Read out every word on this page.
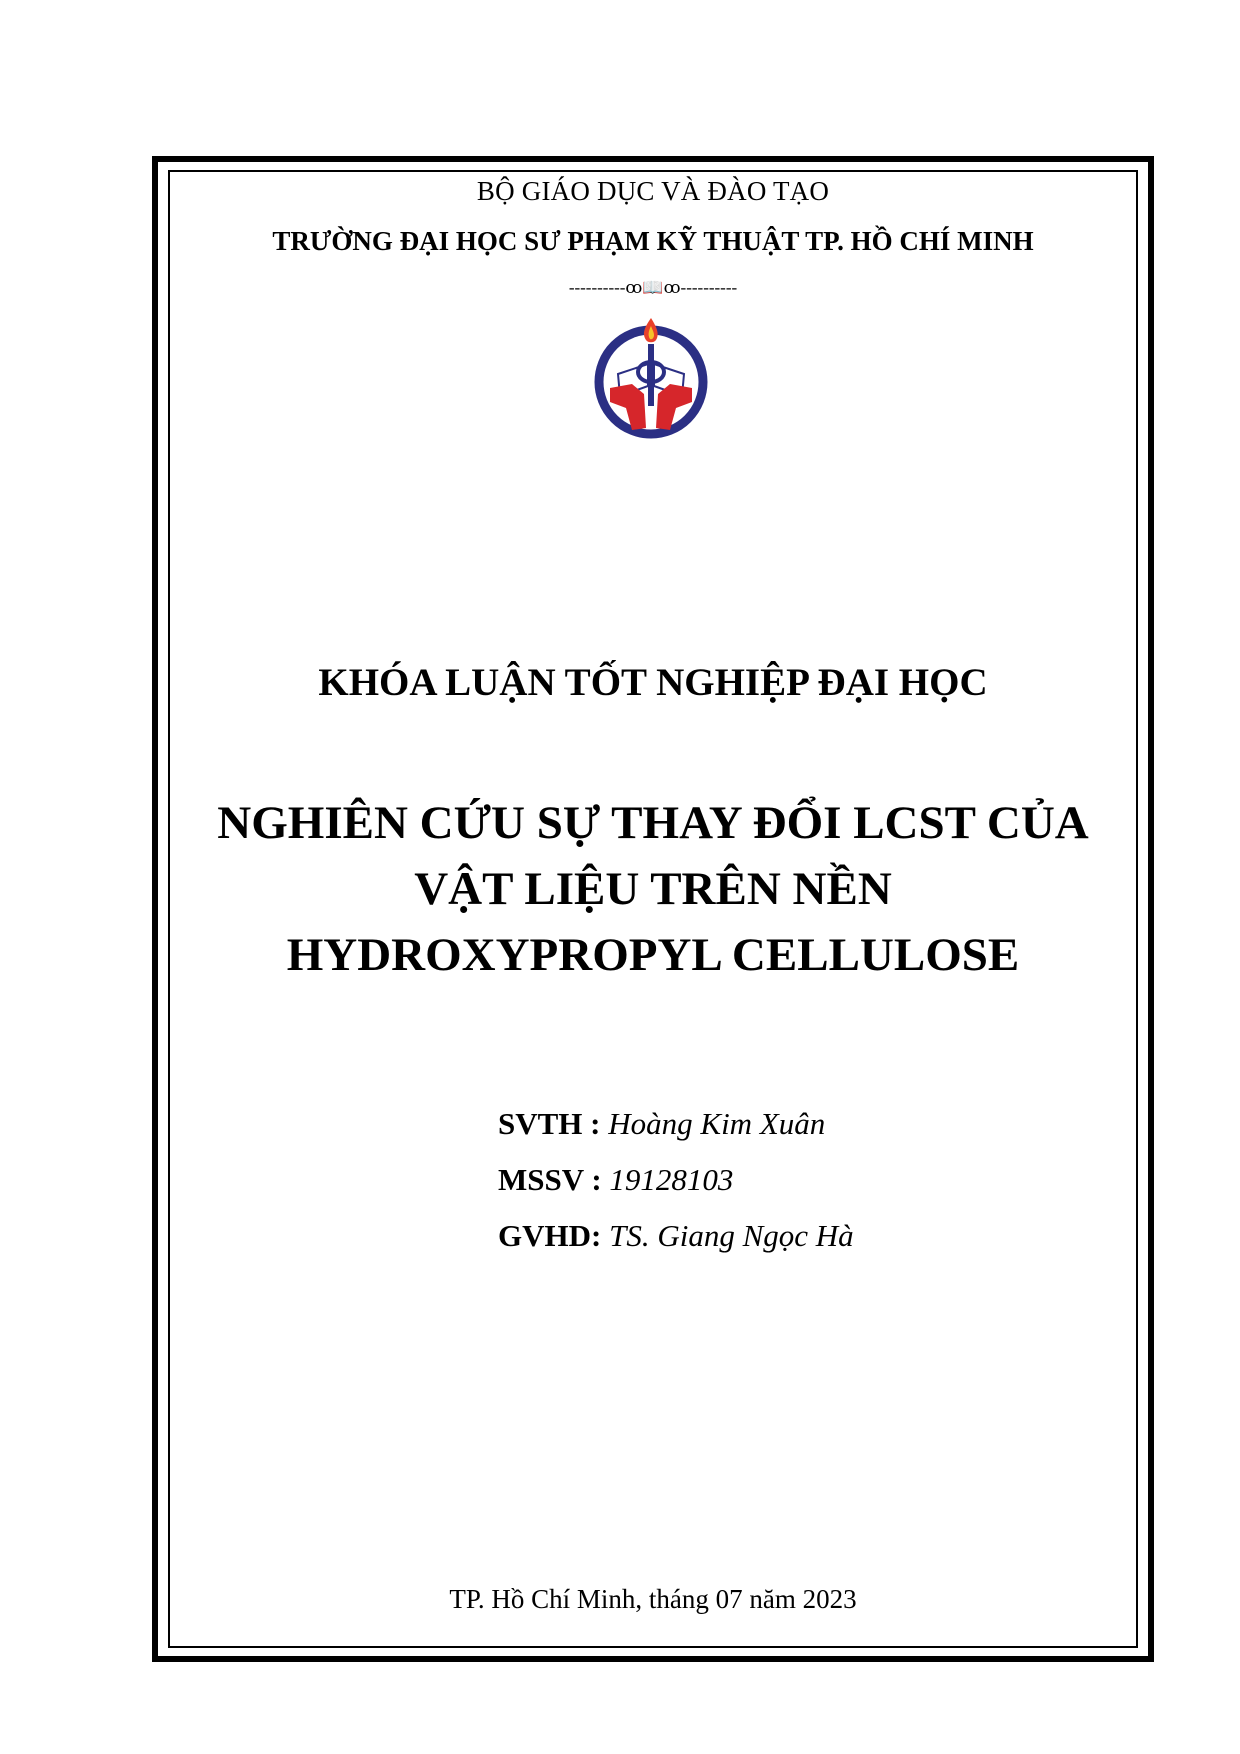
BỘ GIÁO DỤC VÀ ĐÀO TẠO
TRƯỜNG ĐẠI HỌC SƯ PHẠM KỸ THUẬT TP. HỒ CHÍ MINH
----------ꝏ📖ꝏ----------
KHÓA LUẬN TỐT NGHIỆP ĐẠI HỌC
NGHIÊN CỨU SỰ THAY ĐỔI LCST CỦA
VẬT LIỆU TRÊN NỀN
HYDROXYPROPYL CELLULOSE
SVTH : Hoàng Kim Xuân
MSSV : 19128103
GVHD: TS. Giang Ngọc Hà
TP. Hồ Chí Minh, tháng 07 năm 2023
